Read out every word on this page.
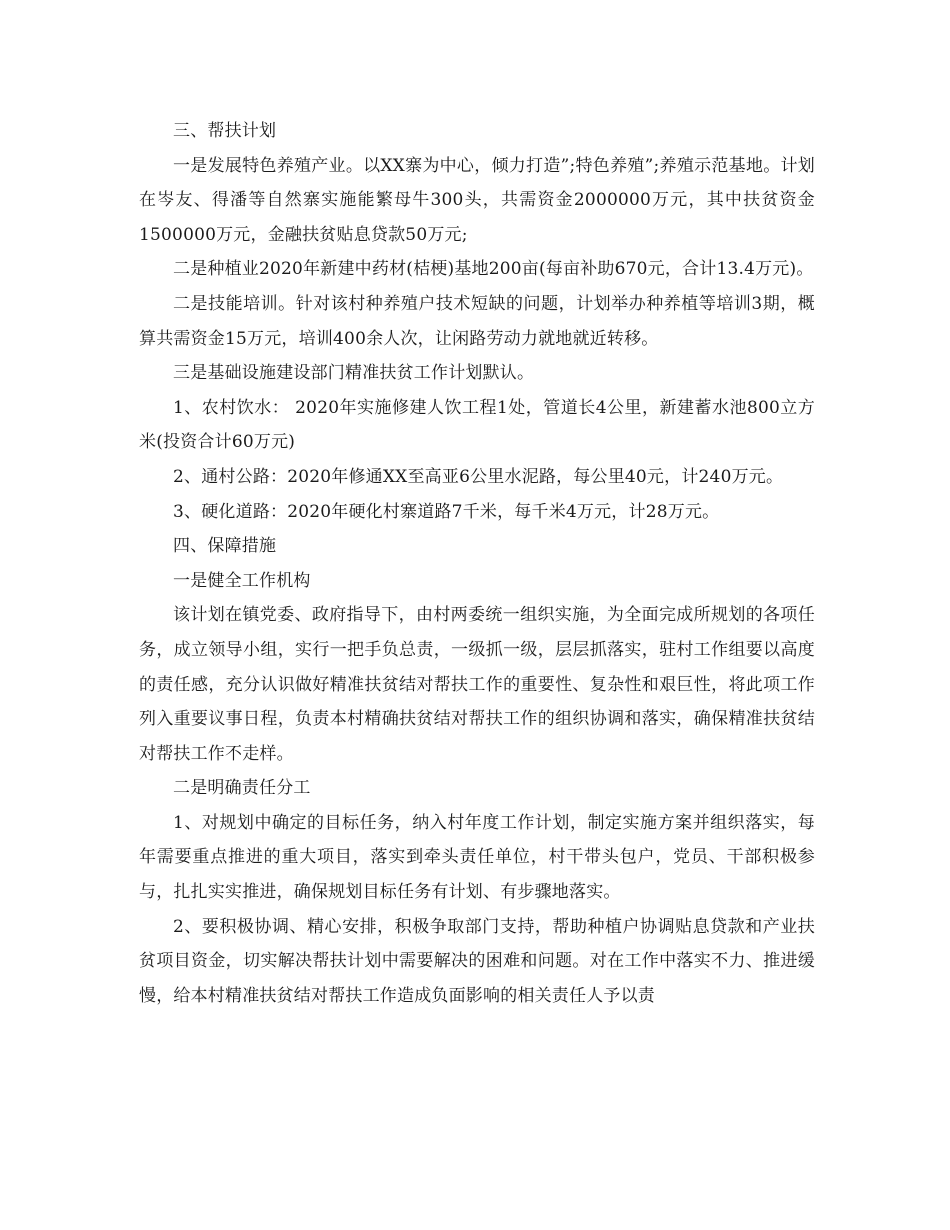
三、帮扶计划

一是发展特色养殖产业。以XX寨为中心，倾力打造”;特色养殖”;养殖示范基地。计划在岑友、得潘等自然寨实施能繁母牛300头，共需资金2000000万元，其中扶贫资金1500000万元，金融扶贫贴息贷款50万元;

二是种植业2020年新建中药材(桔梗)基地200亩(每亩补助670元，合计13.4万元)。

二是技能培训。针对该村种养殖户技术短缺的问题，计划举办种养植等培训3期，概算共需资金15万元，培训400余人次，让闲路劳动力就地就近转移。

三是基础设施建设部门精准扶贫工作计划默认。

1、农村饮水： 2020年实施修建人饮工程1处，管道长4公里，新建蓄水池800立方米(投资合计60万元)

2、通村公路：2020年修通XX至高亚6公里水泥路，每公里40元，计240万元。

3、硬化道路：2020年硬化村寨道路7千米，每千米4万元，计28万元。

四、保障措施

一是健全工作机构

该计划在镇党委、政府指导下，由村两委统一组织实施，为全面完成所规划的各项任务，成立领导小组，实行一把手负总责，一级抓一级，层层抓落实，驻村工作组要以高度的责任感，充分认识做好精准扶贫结对帮扶工作的重要性、复杂性和艰巨性，将此项工作列入重要议事日程，负责本村精确扶贫结对帮扶工作的组织协调和落实，确保精准扶贫结对帮扶工作不走样。

二是明确责任分工

1、对规划中确定的目标任务，纳入村年度工作计划，制定实施方案并组织落实，每年需要重点推进的重大项目，落实到牵头责任单位，村干带头包户，党员、干部积极参与，扎扎实实推进，确保规划目标任务有计划、有步骤地落实。

2、要积极协调、精心安排，积极争取部门支持，帮助种植户协调贴息贷款和产业扶贫项目资金，切实解决帮扶计划中需要解决的困难和问题。对在工作中落实不力、推进缓慢，给本村精准扶贫结对帮扶工作造成负面影响的相关责任人予以责
